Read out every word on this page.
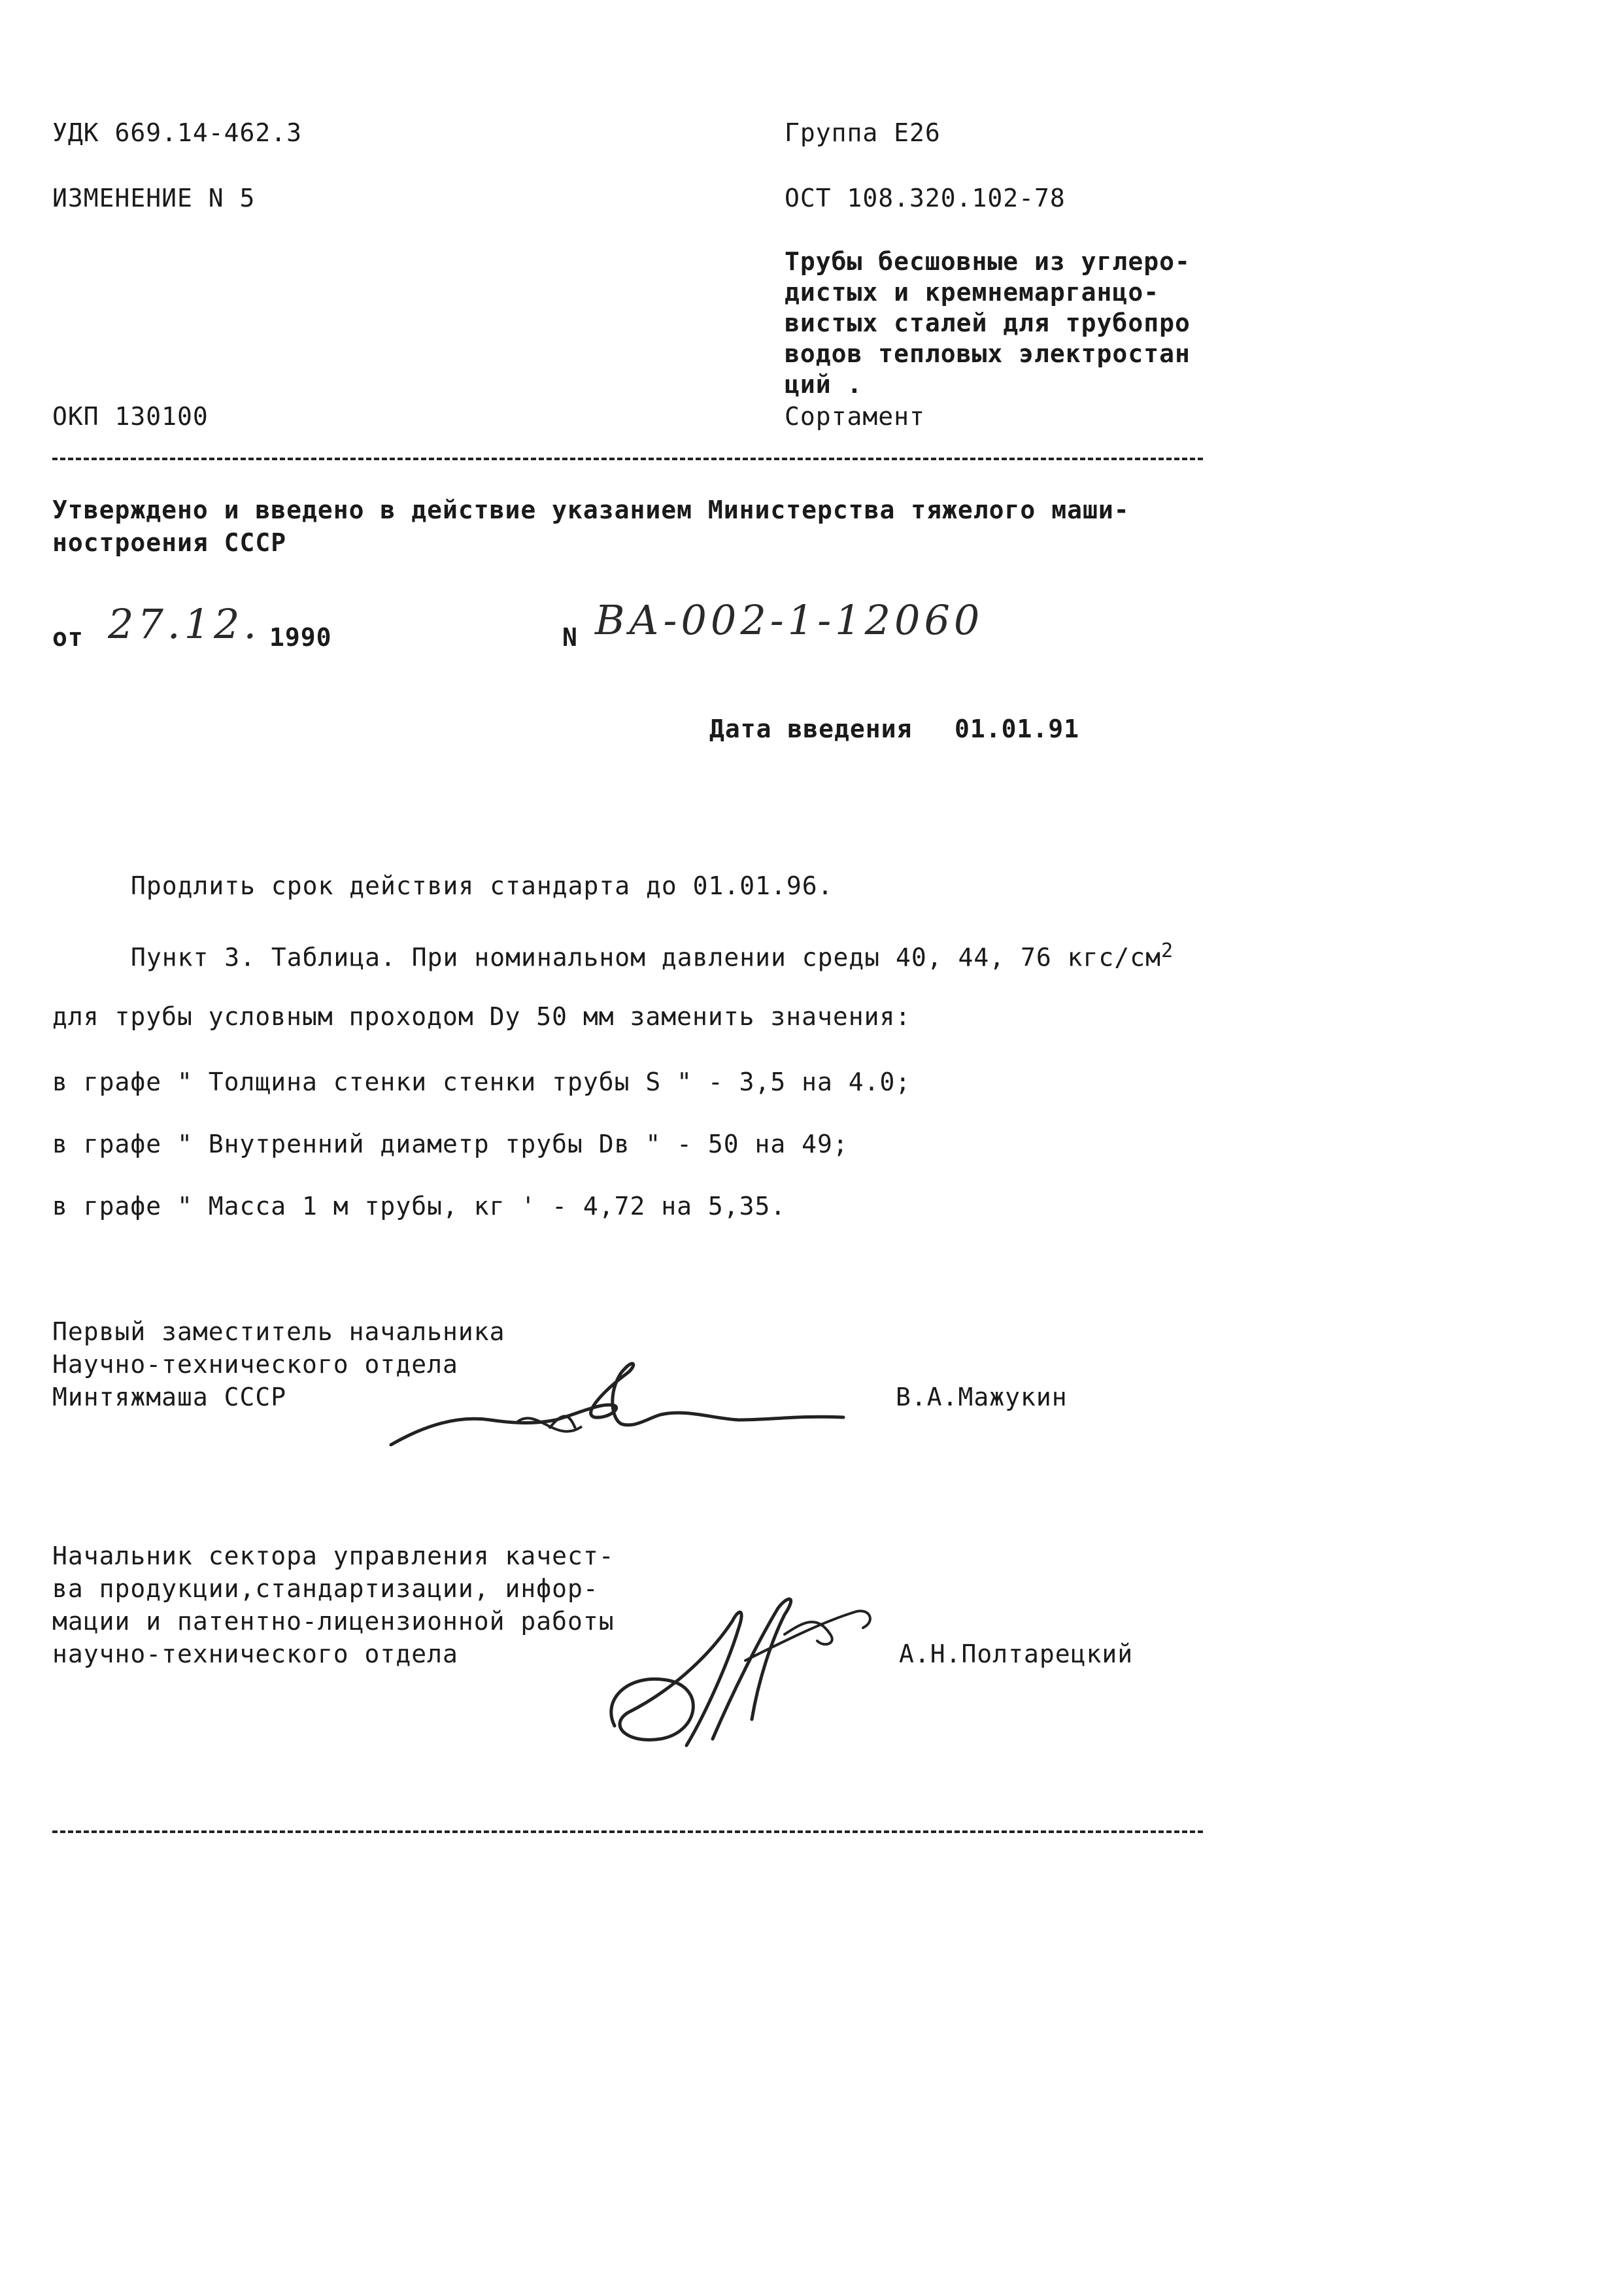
УДК 669.14-462.3	Группа Е26
ИЗМЕНЕНИЕ N 5	ОСТ 108.320.102-78
Трубы бесшовные из углеро-
дистых и кремнемарганцо-
вистых сталей для трубопро
водов тепловых электростан
ций .
ОКП 130100	Сортамент
Утверждено и введено в действие указанием Министерства тяжелого маши-
ностроения СССР
от 27.12. 1990	N ВА-002-1-12060
Дата введения 01.01.91
Продлить срок действия стандарта до 01.01.96.
Пункт 3. Таблица. При номинальном давлении среды 40, 44, 76 кгс/$см^2$
для трубы условным проходом Dу 50 мм заменить значения:
в графе " Толщина стенки стенки трубы S " - 3,5 на 4.0;
в графе " Внутренний диаметр трубы Dв " - 50 на 49;
в графе " Масса 1 м трубы, кг ' - 4,72 на 5,35.
Первый заместитель начальника
Научно-технического отдела
Минтяжмаша СССР	В.А.Мажукин
Начальник сектора управления качест-
ва продукции,стандартизации, инфор-
мации и патентно-лицензионной работы
научно-технического отдела	А.Н.Полтарецкий
